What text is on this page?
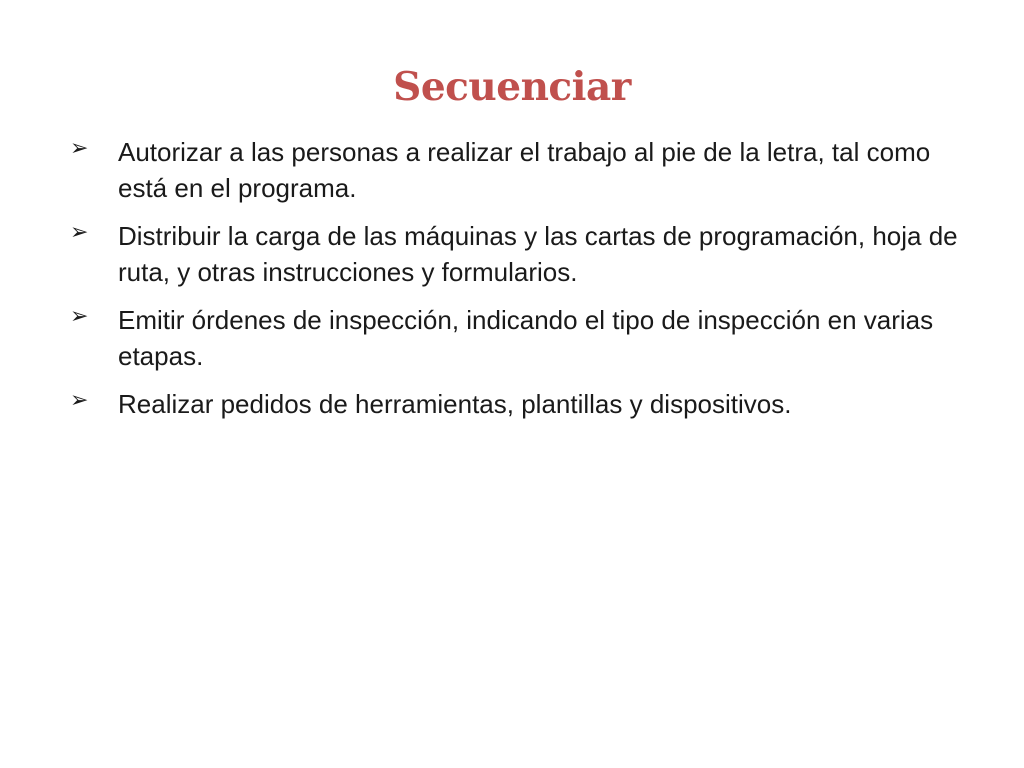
Secuenciar
➢	Autorizar a las personas a realizar el trabajo al pie de la letra, tal como está en el programa.
➢	Distribuir la carga de las máquinas y las cartas de programación, hoja de ruta, y otras instrucciones y formularios.
➢	Emitir órdenes de inspección, indicando el tipo de inspección en varias etapas.
➢	Realizar pedidos de herramientas, plantillas y dispositivos.
